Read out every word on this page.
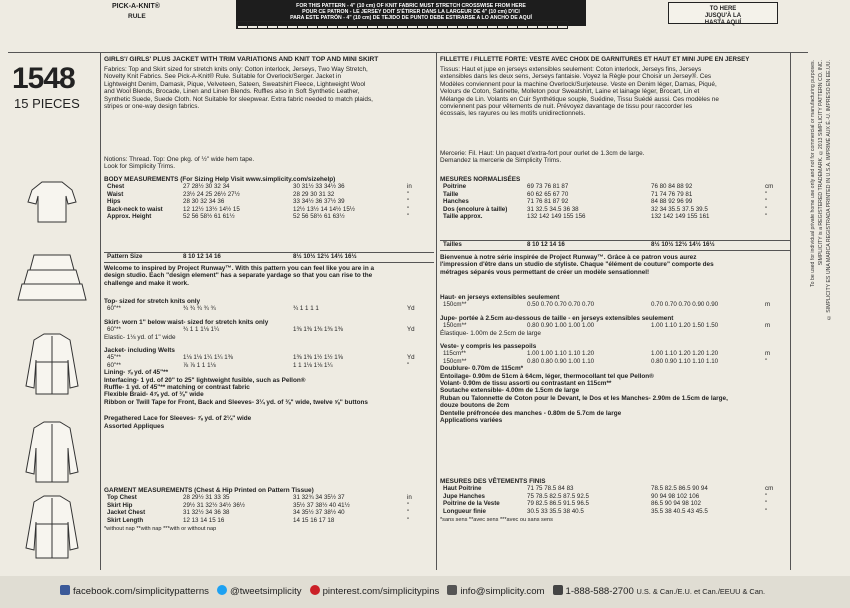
PICK-A-KNIT®
RULE
FOR THIS PATTERN - 4" (10 cm) OF KNIT FABRIC MUST STRETCH CROSSWISE FROM HERE
POUR CE PATRON - LE JERSEY DOIT S'ÉTIRER DANS LA LARGEUR DE 4" (10 cm) D'ICI
PARA ESTE PATRÓN - 4" (10 cm) DE TEJIDO DE PUNTO DEBE ESTIRARSE A LO ANCHO DE AQUÍ
TO HERE
JUSQU'À LA
HASTA AQUÍ
1548
15 PIECES
GIRLS'/ GIRLS' PLUS JACKET WITH TRIM VARIATIONS AND KNIT TOP AND MINI SKIRT
Fabrics: Top and Skirt sized for stretch knits only: Cotton interlock, Jerseys, Two Way Stretch,
Novelty Knit Fabrics. See Pick-A-Knit® Rule. Suitable for Overlock/Serger. Jacket in
Lightweight Denim, Damask, Pique, Velveteen, Sateen, Sweatshirt Fleece, Lightweight Wool
and Wool Blends, Brocade, Linen and Linen Blends. Ruffles also in Soft Synthetic Leather,
Synthetic Suede, Suede Cloth. Not Suitable for sleepwear. Extra fabric needed to match plaids,
stripes or one-way design fabrics.
Notions: Thread. Top: One pkg. of ½" wide hem tape.
Look for Simplicity Trims.
BODY MEASUREMENTS (For Sizing Help Visit www.simplicity.com/sizehelp)
Chest	27 28½ 30 32 34	30 31½ 33 34½ 36	in
Waist	23½ 24 25 26½ 27½	28 29 30 31 32	"
Hips	28 30 32 34 36	33 34½ 36 37½ 39	"
Back-neck to waist	12 12½ 13½ 14½ 15	12½ 13½ 14 14½ 15½	"
Approx. Height	52 56 58½ 61 61½	52 56 58½ 61 63½	"
Pattern Size	8 10 12 14 16	8½ 10½ 12½ 14½ 16½
Welcome to inspired by Project Runway™. With this pattern you can feel like you are in a
design studio. Each "design element" has a separate yardage so that you can rise to the
challenge and make it work.
Top- sized for stretch knits only
60"**	¾ ¾ ¾ ¾ ¾	¾ 1 1 1 1	Yd
Skirt- worn 1" below waist- sized for stretch knits only
60"**	¾ 1 1 1⅛ 1¼	1⅜ 1⅜ 1⅜ 1⅜ 1⅜	Yd
Elastic- 1⅛ yd. of 1" wide
Jacket- including Welts
45"**	1⅛ 1⅛ 1¼ 1¼ 1⅜	1⅜ 1⅜ 1½ 1½ 1⅝	Yd
60"**	⅞ ⅞ 1 1 1⅛	1 1 1⅛ 1⅛ 1¼	"
Lining- ⅞ yd. of 45"**
Interfacing- 1 yd. of 20" to 25" lightweight fusible, such as Pellon®
Ruffle- 1 yd. of 45"** matching or contrast fabric
Flexible Braid- 4⅞ yd. of ⅜" wide
Ribbon or Twill Tape for Front, Back and Sleeves- 3¼ yd. of ⅜" wide, twelve ⅝" buttons
Pregathered Lace for Sleeves- ⅞ yd. of 2¼" wide
Assorted Appliques
GARMENT MEASUREMENTS (Chest & Hip Printed on Pattern Tissue)
Top Chest	28 29½ 31 33 35	31 32¾ 34 35½ 37	in
Skirt Hip	29½ 31 32½ 34½ 36½	35½ 37 38½ 40 41½	"
Jacket Chest	31 32½ 34 36 38	34 35½ 37 38½ 40	"
Skirt Length	12 13 14 15 16	14 15 16 17 18	"
*without nap **with nap ***with or without nap
FILLETTE / FILLETTE FORTE: VESTE AVEC CHOIX DE GARNITURES ET HAUT ET MINI JUPE EN JERSEY
Tissus: Haut et jupe en jerseys extensibles seulement: Coton interlock, Jerseys fins, Jerseys
extensibles dans les deux sens, Jerseys fantaisie. Voyez la Règle pour Choisir un Jersey®. Ces
Modèles conviennent pour la machine Overlock/Surjeteuse. Veste en Denim léger, Damas, Piqué,
Velours de Coton, Satinette, Molleton pour Sweatshirt, Laine et lainage léger, Brocart, Lin et
Mélange de Lin. Volants en Cuir Synthétique souple, Suédine, Tissu Suédé aussi. Ces modèles ne
conviennent pas pour vêtements de nuit. Prévoyez davantage de tissu pour raccorder les
écossais, les rayures ou les motifs unidirectionnels.
Mercerie: Fil. Haut: Un paquet d'extra-fort pour ourlet de 1.3cm de large.
Demandez la mercerie de Simplicity Trims.
MESURES NORMALISÉES
Poitrine	69 73 76 81 87	76 80 84 88 92	cm
Taille	60 62 65 67 70	71 74 76 79 81	"
Hanches	71 76 81 87 92	84 88 92 96 99	"
Dos (encolure à taille)	31 32.5 34.5 36 38	32 34 35.5 37.5 39.5	"
Taille approx.	132 142 149 155 156	132 142 149 155 161	"
Tailles	8 10 12 14 16	8½ 10½ 12½ 14½ 16½
Bienvenue à notre série inspirée de Project Runway™. Grâce à ce patron vous aurez
l'impression d'être dans un studio de styliste. Chaque "élément de couture" comporte des
métrages séparés vous permettant de créer un modèle sensationnel!
Haut- en jerseys extensibles seulement
150cm**	0.50 0.70 0.70 0.70 0.70	0.70 0.70 0.70 0.90 0.90	m
Jupe- portée à 2.5cm au-dessous de taille - en jerseys extensibles seulement
150cm**	0.80 0.90 1.00 1.00 1.00	1.00 1.10 1.20 1.50 1.50	m
Élastique- 1.00m de 2.5cm de large
Veste- y compris les passepoils
115cm**	1.00 1.00 1.10 1.10 1.20	1.00 1.10 1.20 1.20 1.20	m
150cm**	0.80 0.80 0.90 1.00 1.10	0.80 0.90 1.10 1.10 1.10	"
Doublure- 0.70m de 115cm*
Entoilage- 0.90m de 51cm à 64cm, léger, thermocollant tel que Pellon®
Volant- 0.90m de tissu assorti ou contrastant en 115cm**
Soutache extensible- 4.00m de 1.5cm de large
Ruban ou Talonnette de Coton pour le Devant, le Dos et les Manches- 2.90m de 1.5cm de large,
douze boutons de 2cm
Dentelle préfroncée des manches - 0.80m de 5.7cm de large
Applications variées
MESURES DES VÊTEMENTS FINIS
Haut Poitrine	71 75 78.5 84 83	78.5 82.5 86.5 90 94	cm
Jupe Hanches	75 78.5 82.5 87.5 92.5	90 94 98 102 106	"
Poitrine de la Veste	79 82.5 86.5 91.5 96.5	86.5 90 94 98 102	"
Longueur finie	30.5 33 35.5 38 40.5	35.5 38 40.5 43 45.5	"
*sans sens **avec sens ***avec ou sans sens
To be used for individual private home use only and not for commercial or manufacturing purposes. SIMPLICITY is a REGISTERED TRADEMARK. ©2013 SIMPLICITY PATTERN CO. INC. © SIMPLICITY ES UNA MARCA REGISTRADA PRINTED IN U.S.A. IMPRIMÉ AUX É.-U. IMPRESO EN EE.UU.
facebook.com/simplicitypatterns @tweetsimplicity pinterest.com/simplicitypins info@simplicity.com 1-888-588-2700 U.S. & Can./E.U. et Can./EEUU & Can.
